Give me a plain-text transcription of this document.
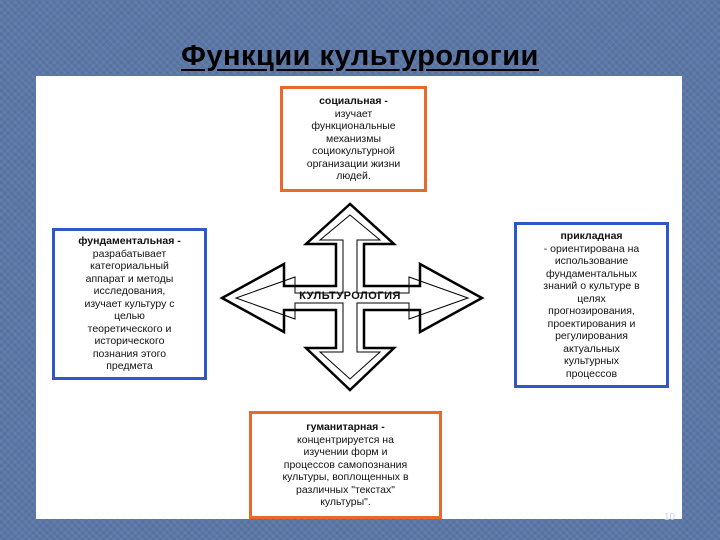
Функции культурологии
КУЛЬТУРОЛОГИЯ
социальная -
изучает
функциональные
механизмы
социокультурной
организации жизни
людей.
фундаментальная -
разрабатывает
категориальный
аппарат и методы
исследования,
изучает культуру с
целью
теоретического и
исторического
познания этого
предмета
прикладная
- ориентирована на
использование
фундаментальных
знаний о культуре в
целях
прогнозирования,
проектирования и
регулирования
актуальных
культурных
процессов
гуманитарная -
концентрируется на
изучении форм и
процессов самопознания
культуры, воплощенных в
различных "текстах"
культуры".
10
